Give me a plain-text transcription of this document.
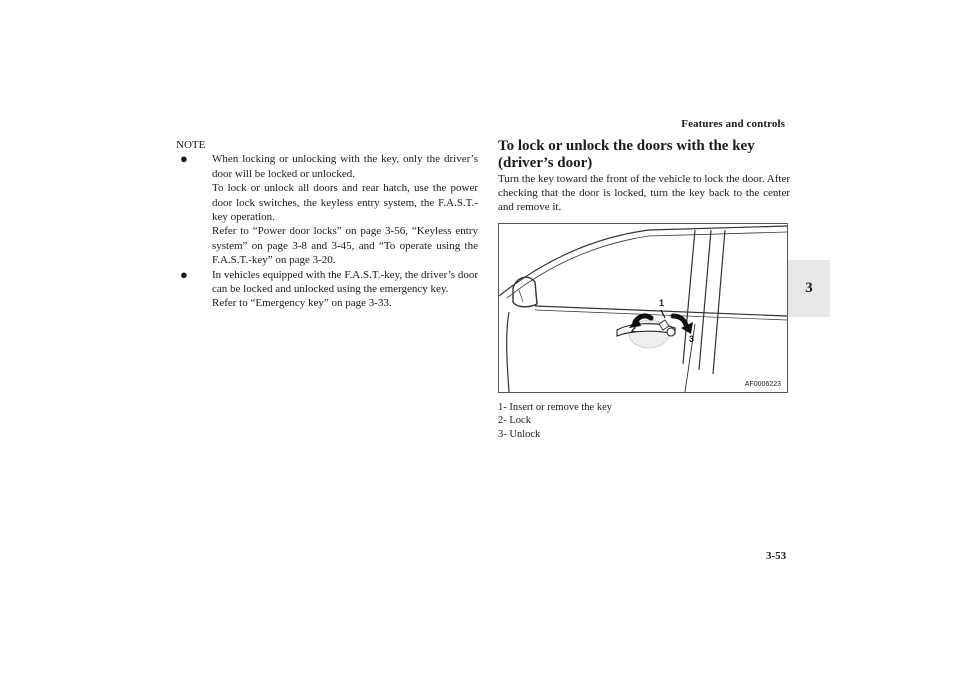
Features and controls
3
NOTE
● When locking or unlocking with the key, only the driver’s door will be locked or unlocked.

To lock or unlock all doors and rear hatch, use the power door lock switches, the keyless entry system, the F.A.S.T.-key operation.

Refer to “Power door locks” on page 3-56, “Keyless entry system” on page 3-8 and 3-45, and “To operate using the F.A.S.T.-key” on page 3-20.

● In vehicles equipped with the F.A.S.T.-key, the driver’s door can be locked and unlocked using the emergency key.

Refer to “Emergency key” on page 3-33.

To lock or unlock the doors with the key (driver’s door)

Turn the key toward the front of the vehicle to lock the door. After checking that the door is locked, turn the key back to the center and remove it.

1
2
3
AF0006223
1- Insert or remove the key
2- Lock
3- Unlock
3-53
